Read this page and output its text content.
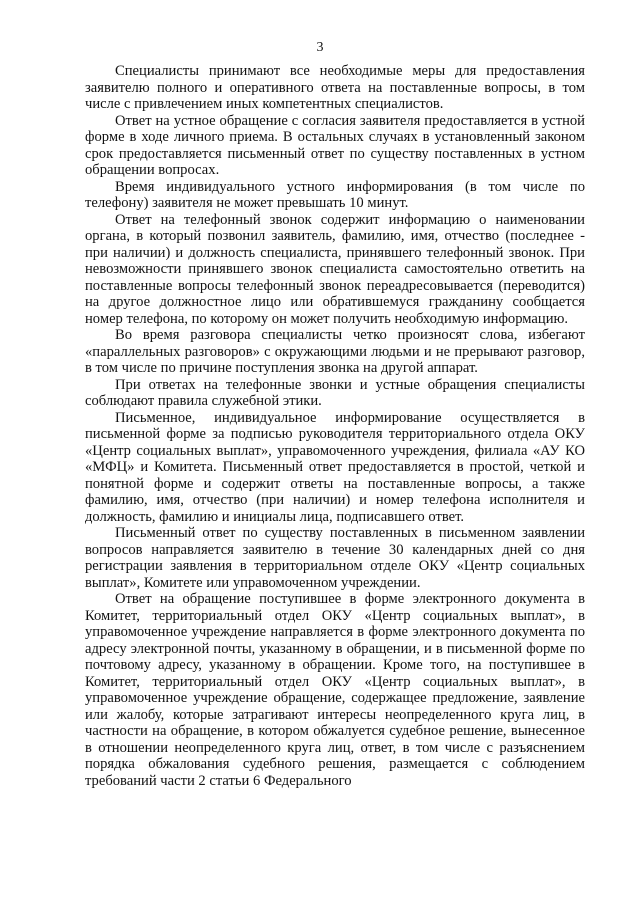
3

Специалисты принимают все необходимые меры для предоставления заявителю полного и оперативного ответа на поставленные вопросы, в том числе с привлечением иных компетентных специалистов.

Ответ на устное обращение с согласия заявителя предоставляется в устной форме в ходе личного приема. В остальных случаях в установленный законом срок предоставляется письменный ответ по существу поставленных в устном обращении вопросах.

Время индивидуального устного информирования (в том числе по телефону) заявителя не может превышать 10 минут.

Ответ на телефонный звонок содержит информацию о наименовании органа, в который позвонил заявитель, фамилию, имя, отчество (последнее - при наличии) и должность специалиста, принявшего телефонный звонок. При невозможности принявшего звонок специалиста самостоятельно ответить на поставленные вопросы телефонный звонок переадресовывается (переводится) на другое должностное лицо или обратившемуся гражданину сообщается номер телефона, по которому он может получить необходимую информацию.

Во время разговора специалисты четко произносят слова, избегают «параллельных разговоров» с окружающими людьми и не прерывают разговор, в том числе по причине поступления звонка на другой аппарат.

При ответах на телефонные звонки и устные обращения специалисты соблюдают правила служебной этики.

Письменное, индивидуальное информирование осуществляется в письменной форме за подписью руководителя территориального отдела ОКУ «Центр социальных выплат», управомоченного учреждения, филиала «АУ КО «МФЦ» и Комитета. Письменный ответ предоставляется в простой, четкой и понятной форме и содержит ответы на поставленные вопросы, а также фамилию, имя, отчество (при наличии) и номер телефона исполнителя и должность, фамилию и инициалы лица, подписавшего ответ.

Письменный ответ по существу поставленных в письменном заявлении вопросов направляется заявителю в течение 30 календарных дней со дня регистрации заявления в территориальном отделе ОКУ «Центр социальных выплат», Комитете или управомоченном учреждении.

Ответ на обращение поступившее в форме электронного документа в Комитет, территориальный отдел ОКУ «Центр социальных выплат», в управомоченное учреждение направляется в форме электронного документа по адресу электронной почты, указанному в обращении, и в письменной форме по почтовому адресу, указанному в обращении. Кроме того, на поступившее в Комитет, территориальный отдел ОКУ «Центр социальных выплат», в управомоченное учреждение обращение, содержащее предложение, заявление или жалобу, которые затрагивают интересы неопределенного круга лиц, в частности на обращение, в котором обжалуется судебное решение, вынесенное в отношении неопределенного круга лиц, ответ, в том числе с разъяснением порядка обжалования судебного решения, размещается с соблюдением требований части 2 статьи 6 Федерального
